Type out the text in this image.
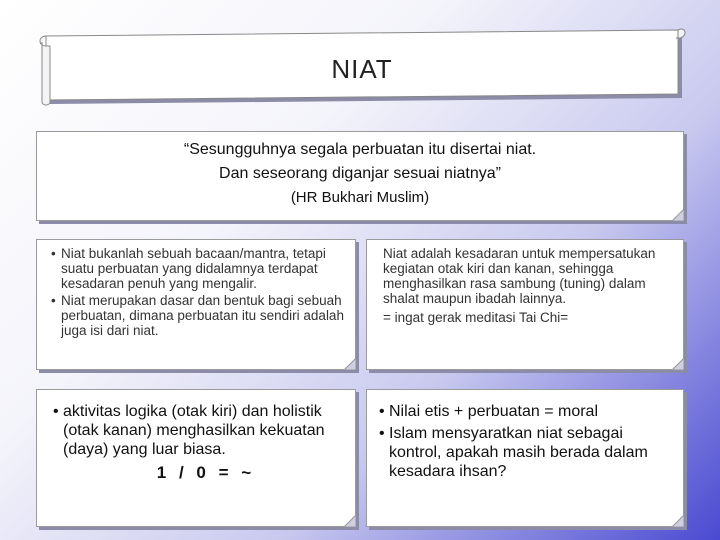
NIAT
“Sesungguhnya segala perbuatan itu disertai niat.
Dan seseorang diganjar sesuai niatnya”
(HR Bukhari Muslim)
• Niat bukanlah sebuah bacaan/mantra, tetapi suatu perbuatan yang didalamnya terdapat kesadaran penuh yang mengalir.
• Niat merupakan dasar dan bentuk bagi sebuah perbuatan, dimana perbuatan itu sendiri adalah juga isi dari niat.
Niat adalah kesadaran untuk mempersatukan kegiatan otak kiri dan kanan, sehingga menghasilkan rasa sambung (tuning) dalam shalat maupun ibadah lainnya.
= ingat gerak meditasi Tai Chi=
• aktivitas logika (otak kiri) dan holistik (otak kanan) menghasilkan kekuatan (daya) yang luar biasa.
1 / 0 = ~
• Nilai etis + perbuatan = moral
• Islam mensyaratkan niat sebagai kontrol, apakah masih berada dalam kesadara ihsan?
